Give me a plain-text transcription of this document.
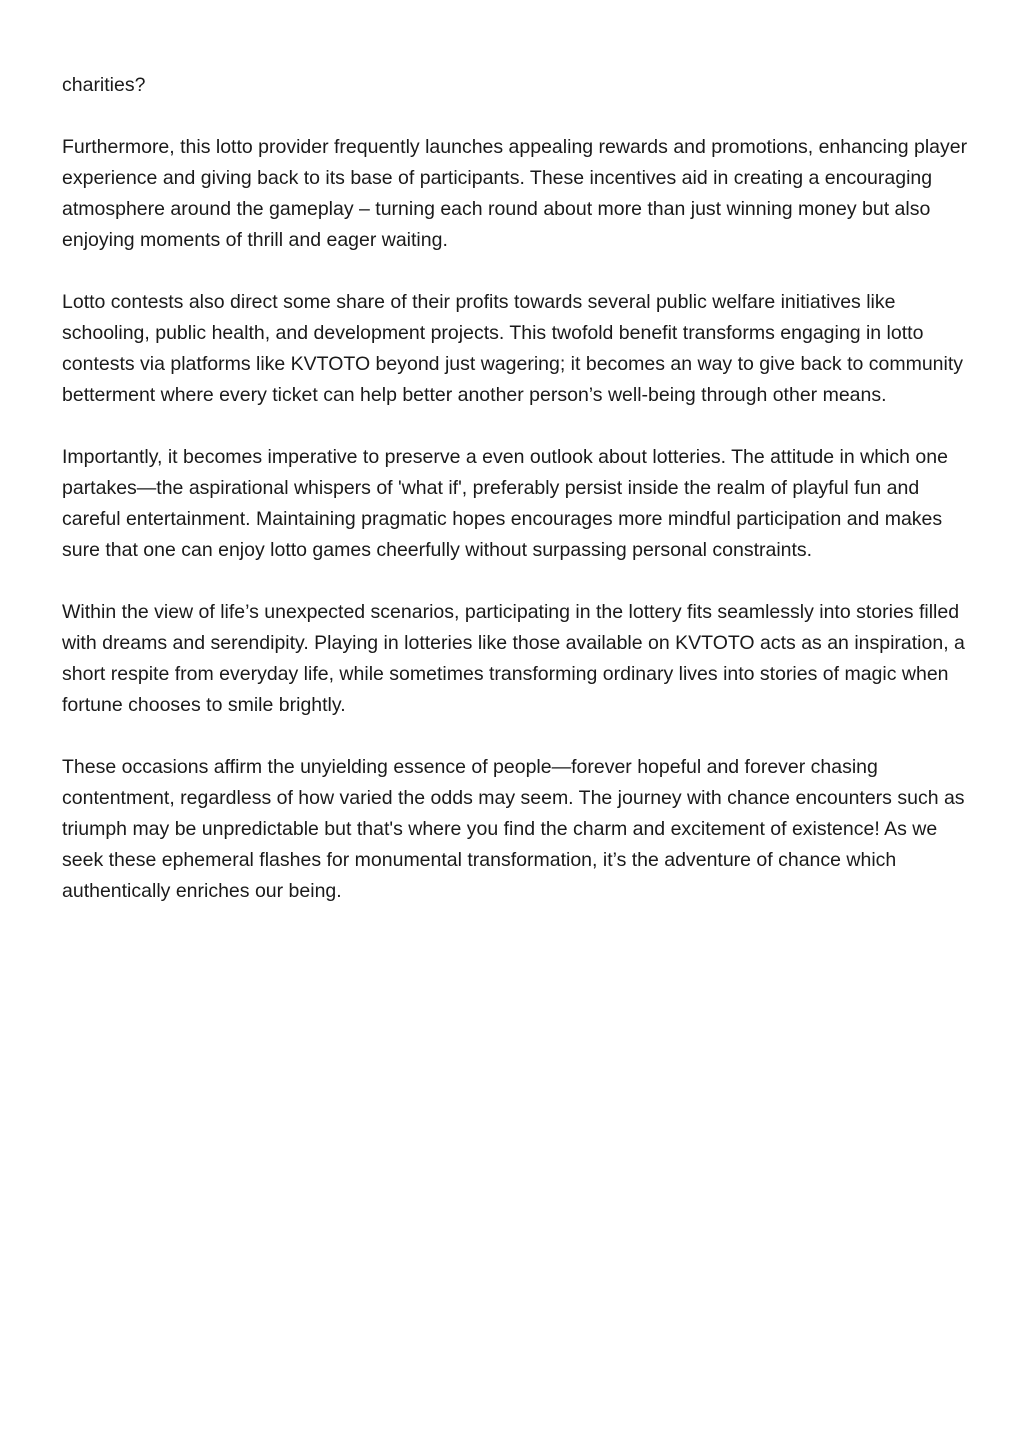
charities?

Furthermore, this lotto provider frequently launches appealing rewards and promotions, enhancing player experience and giving back to its base of participants. These incentives aid in creating a encouraging atmosphere around the gameplay – turning each round about more than just winning money but also enjoying moments of thrill and eager waiting.

Lotto contests also direct some share of their profits towards several public welfare initiatives like schooling, public health, and development projects. This twofold benefit transforms engaging in lotto contests via platforms like KVTOTO beyond just wagering; it becomes an way to give back to community betterment where every ticket can help better another person’s well-being through other means.

Importantly, it becomes imperative to preserve a even outlook about lotteries. The attitude in which one partakes—the aspirational whispers of 'what if', preferably persist inside the realm of playful fun and careful entertainment. Maintaining pragmatic hopes encourages more mindful participation and makes sure that one can enjoy lotto games cheerfully without surpassing personal constraints.

Within the view of life’s unexpected scenarios, participating in the lottery fits seamlessly into stories filled with dreams and serendipity. Playing in lotteries like those available on KVTOTO acts as an inspiration, a short respite from everyday life, while sometimes transforming ordinary lives into stories of magic when fortune chooses to smile brightly.

These occasions affirm the unyielding essence of people—forever hopeful and forever chasing contentment, regardless of how varied the odds may seem. The journey with chance encounters such as triumph may be unpredictable but that's where you find the charm and excitement of existence! As we seek these ephemeral flashes for monumental transformation, it’s the adventure of chance which authentically enriches our being.
